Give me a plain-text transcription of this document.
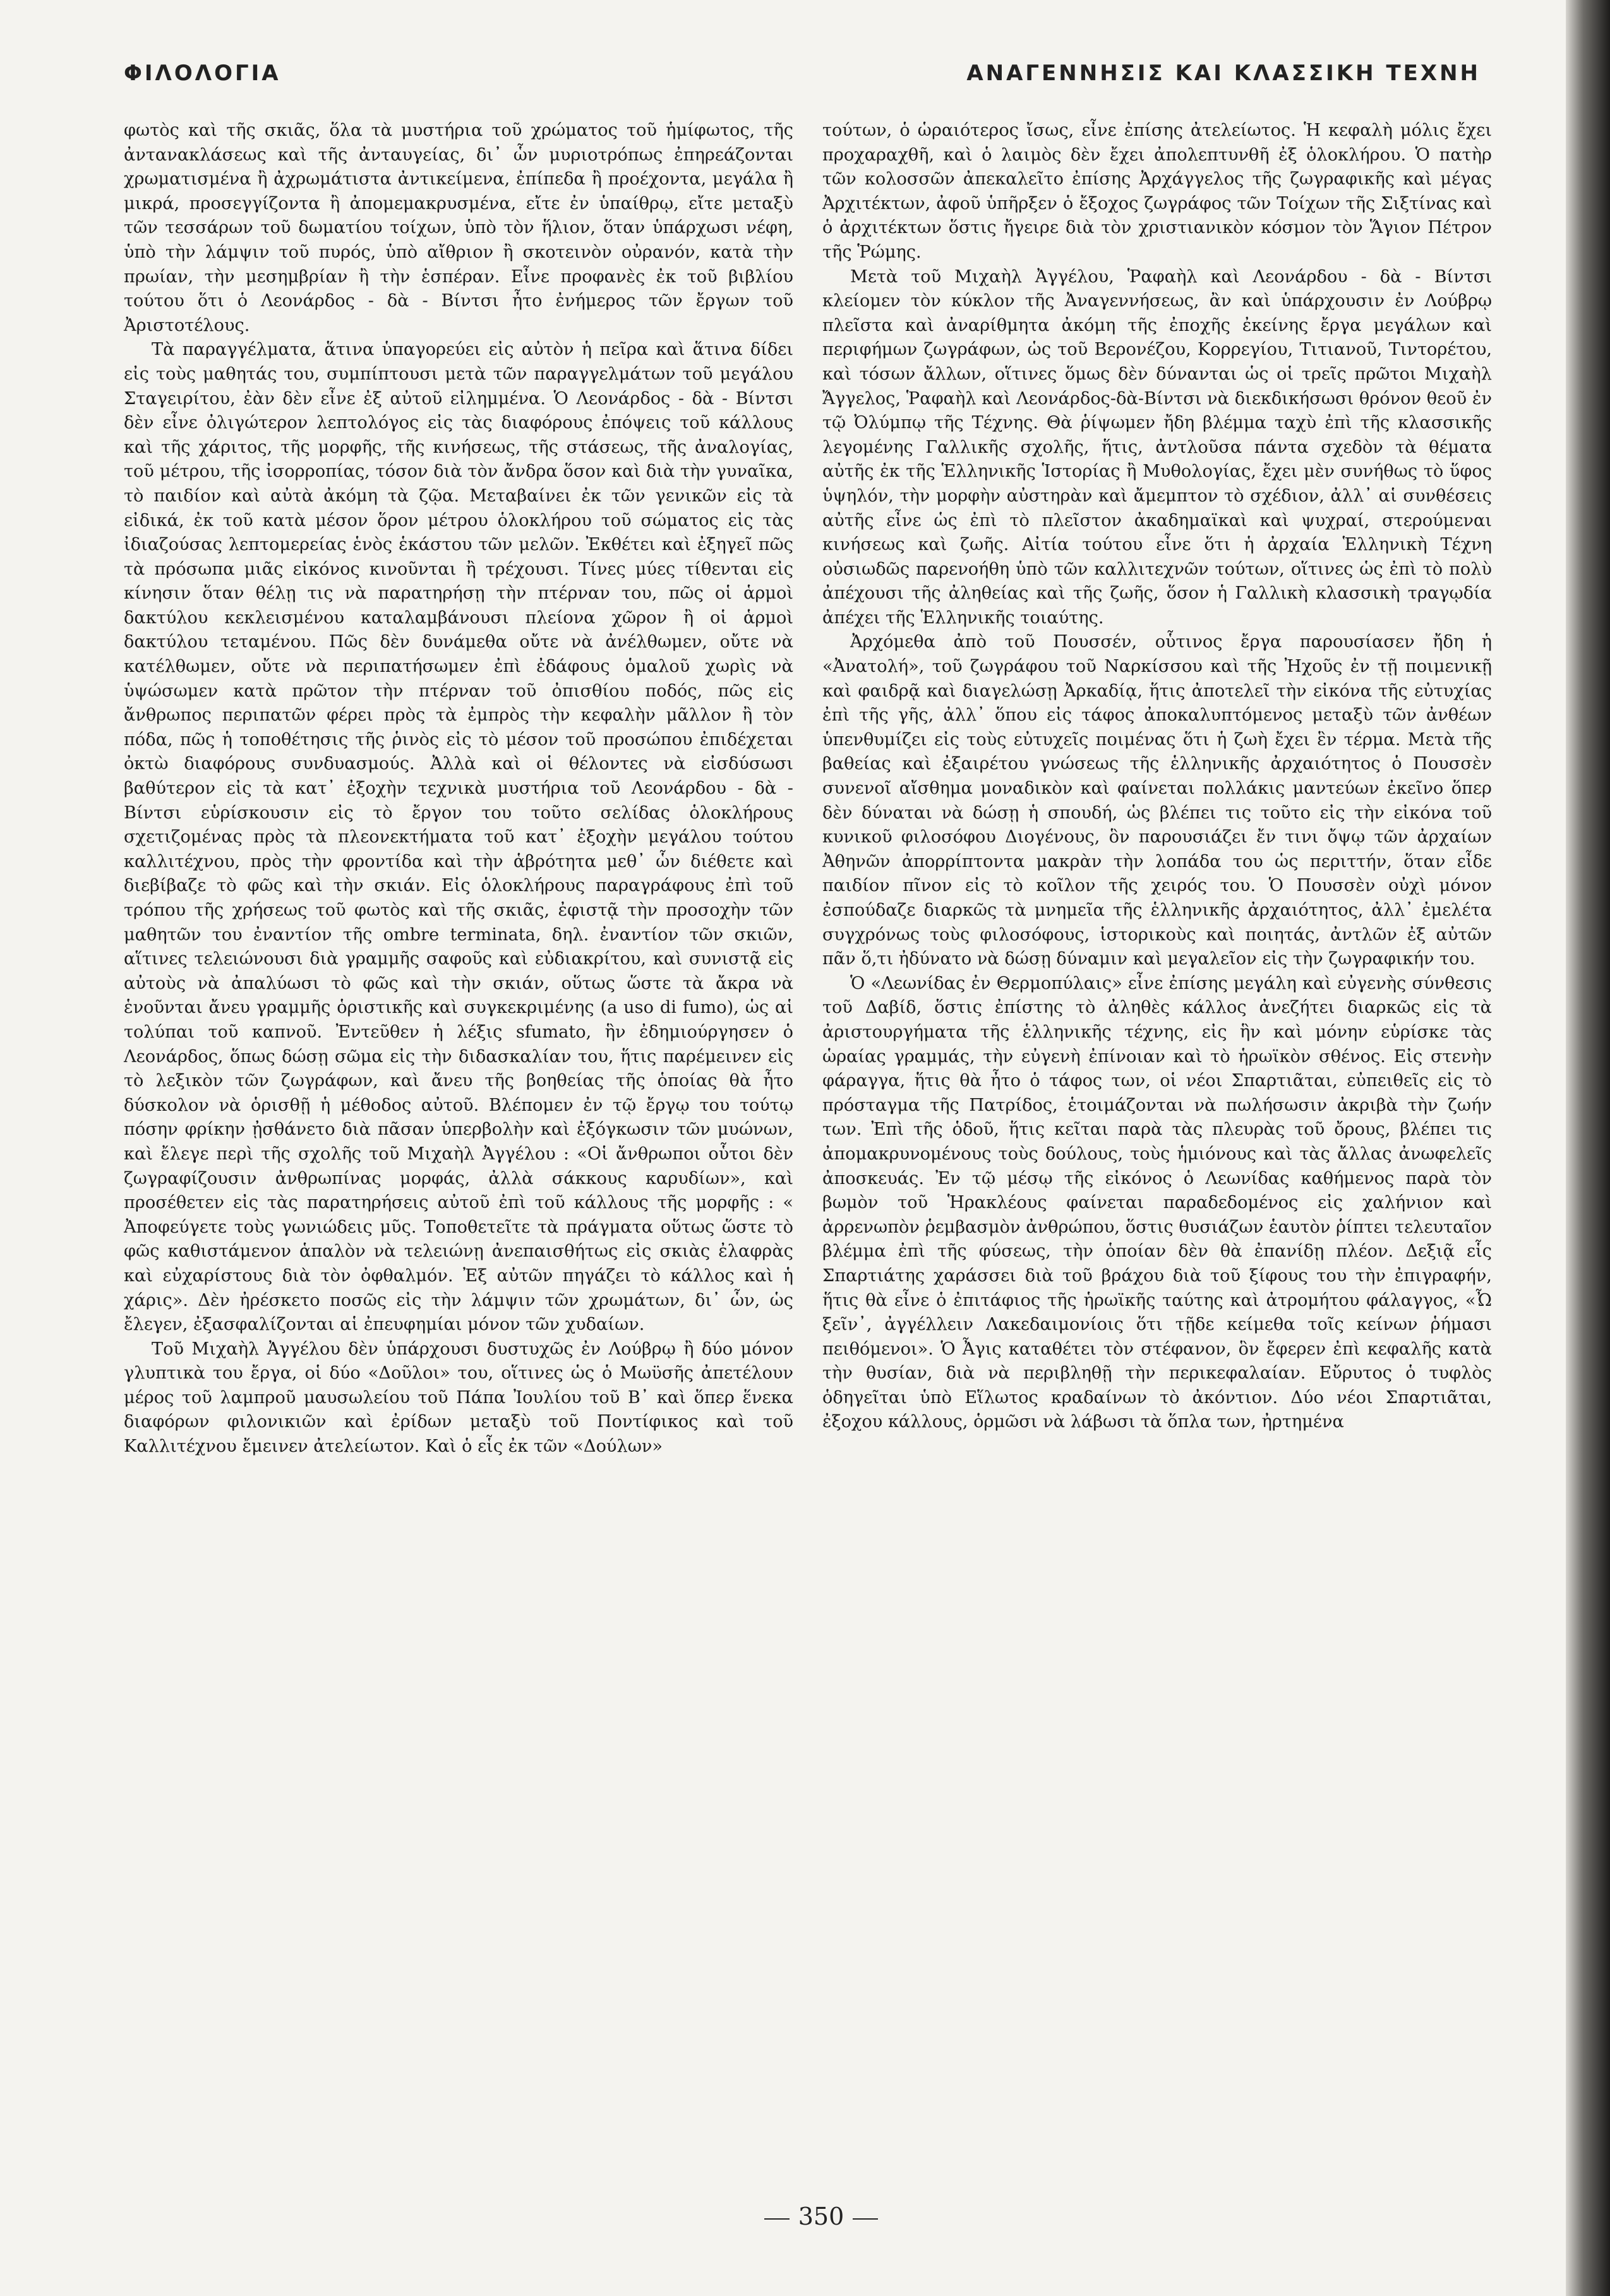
ΦΙΛΟΛΟΓΙΑ	ΑΝΑΓΕΝΝΗΣΙΣ ΚΑΙ ΚΛΑΣΣΙΚΗ ΤΕΧΝΗ

φωτὸς καὶ τῆς σκιᾶς, ὅλα τὰ μυστήρια τοῦ χρώματος τοῦ ἡμίφωτος, τῆς ἀντανακλάσεως καὶ τῆς ἀνταυγείας, δι᾽ ὧν μυριοτρόπως ἐπηρεάζονται χρωματισμένα ἢ ἀχρωμάτιστα ἀντικείμενα, ἐπίπεδα ἢ προέχοντα, μεγάλα ἢ μικρά, προσεγγίζοντα ἢ ἀπομεμακρυσμένα, εἴτε ἐν ὑπαίθρῳ, εἴτε μεταξὺ τῶν τεσσάρων τοῦ δωματίου τοίχων, ὑπὸ τὸν ἥλιον, ὅταν ὑπάρχωσι νέφη, ὑπὸ τὴν λάμψιν τοῦ πυρός, ὑπὸ αἴθριον ἢ σκοτεινὸν οὐρανόν, κατὰ τὴν πρωίαν, τὴν μεσημβρίαν ἢ τὴν ἑσπέραν. Εἶνε προφανὲς ἐκ τοῦ βιβλίου τούτου ὅτι ὁ Λεονάρδος - δὰ - Βίντσι ἦτο ἐνήμερος τῶν ἔργων τοῦ Ἀριστοτέλους.

Τὰ παραγγέλματα, ἅτινα ὑπαγορεύει εἰς αὐτὸν ἡ πεῖρα καὶ ἅτινα δίδει εἰς τοὺς μαθητάς του, συμπίπτουσι μετὰ τῶν παραγγελμάτων τοῦ μεγάλου Σταγειρίτου, ἐὰν δὲν εἶνε ἐξ αὐτοῦ εἰλημμένα. Ὁ Λεονάρδος - δὰ - Βίντσι δὲν εἶνε ὀλιγώτερον λεπτολόγος εἰς τὰς διαφόρους ἐπόψεις τοῦ κάλλους καὶ τῆς χάριτος, τῆς μορφῆς, τῆς κινήσεως, τῆς στάσεως, τῆς ἀναλογίας, τοῦ μέτρου, τῆς ἰσορροπίας, τόσον διὰ τὸν ἄνδρα ὅσον καὶ διὰ τὴν γυναῖκα, τὸ παιδίον καὶ αὐτὰ ἀκόμη τὰ ζῷα. Μεταβαίνει ἐκ τῶν γενικῶν εἰς τὰ εἰδικά, ἐκ τοῦ κατὰ μέσον ὅρον μέτρου ὁλοκλήρου τοῦ σώματος εἰς τὰς ἰδιαζούσας λεπτομερείας ἑνὸς ἑκάστου τῶν μελῶν. Ἐκθέτει καὶ ἐξηγεῖ πῶς τὰ πρόσωπα μιᾶς εἰκόνος κινοῦνται ἢ τρέχουσι. Τίνες μύες τίθενται εἰς κίνησιν ὅταν θέλῃ τις νὰ παρατηρήσῃ τὴν πτέρναν του, πῶς οἱ ἁρμοὶ δακτύλου κεκλεισμένου καταλαμβάνουσι πλείονα χῶρον ἢ οἱ ἁρμοὶ δακτύλου τεταμένου. Πῶς δὲν δυνάμεθα οὔτε νὰ ἀνέλθωμεν, οὔτε νὰ κατέλθωμεν, οὔτε νὰ περιπατήσωμεν ἐπὶ ἐδάφους ὁμαλοῦ χωρὶς νὰ ὑψώσωμεν κατὰ πρῶτον τὴν πτέρναν τοῦ ὀπισθίου ποδός, πῶς εἰς ἄνθρωπος περιπατῶν φέρει πρὸς τὰ ἐμπρὸς τὴν κεφαλὴν μᾶλλον ἢ τὸν πόδα, πῶς ἡ τοποθέτησις τῆς ῥινὸς εἰς τὸ μέσον τοῦ προσώπου ἐπιδέχεται ὀκτὼ διαφόρους συνδυασμούς. Ἀλλὰ καὶ οἱ θέλοντες νὰ εἰσδύσωσι βαθύτερον εἰς τὰ κατ᾽ ἐξοχὴν τεχνικὰ μυστήρια τοῦ Λεονάρδου - δὰ - Βίντσι εὑρίσκουσιν εἰς τὸ ἔργον του τοῦτο σελίδας ὁλοκλήρους σχετιζομένας πρὸς τὰ πλεονεκτήματα τοῦ κατ᾽ ἐξοχὴν μεγάλου τούτου καλλιτέχνου, πρὸς τὴν φροντίδα καὶ τὴν ἁβρότητα μεθ᾽ ὧν διέθετε καὶ διεβίβαζε τὸ φῶς καὶ τὴν σκιάν. Εἰς ὁλοκλήρους παραγράφους ἐπὶ τοῦ τρόπου τῆς χρήσεως τοῦ φωτὸς καὶ τῆς σκιᾶς, ἐφιστᾷ τὴν προσοχὴν τῶν μαθητῶν του ἐναντίον τῆς ombre terminata, δηλ. ἐναντίον τῶν σκιῶν, αἵτινες τελειώνουσι διὰ γραμμῆς σαφοῦς καὶ εὐδιακρίτου, καὶ συνιστᾷ εἰς αὐτοὺς νὰ ἀπαλύωσι τὸ φῶς καὶ τὴν σκιάν, οὕτως ὥστε τὰ ἄκρα νὰ ἑνοῦνται ἄνευ γραμμῆς ὁριστικῆς καὶ συγκεκριμένης (a uso di fumo), ὡς αἱ τολύπαι τοῦ καπνοῦ. Ἐντεῦθεν ἡ λέξις sfumato, ἣν ἐδημιούργησεν ὁ Λεονάρδος, ὅπως δώσῃ σῶμα εἰς τὴν διδασκαλίαν του, ἥτις παρέμεινεν εἰς τὸ λεξικὸν τῶν ζωγράφων, καὶ ἄνευ τῆς βοηθείας τῆς ὁποίας θὰ ἦτο δύσκολον νὰ ὁρισθῇ ἡ μέθοδος αὐτοῦ. Βλέπομεν ἐν τῷ ἔργῳ του τούτῳ πόσην φρίκην ᾐσθάνετο διὰ πᾶσαν ὑπερβολὴν καὶ ἐξόγκωσιν τῶν μυώνων, καὶ ἔλεγε περὶ τῆς σχολῆς τοῦ Μιχαὴλ Ἀγγέλου : «Οἱ ἄνθρωποι οὗτοι δὲν ζωγραφίζουσιν ἀνθρωπίνας μορφάς, ἀλλὰ σάκκους καρυδίων», καὶ προσέθετεν εἰς τὰς παρατηρήσεις αὐτοῦ ἐπὶ τοῦ κάλλους τῆς μορφῆς : « Ἀποφεύγετε τοὺς γωνιώδεις μῦς. Τοποθετεῖτε τὰ πράγματα οὕτως ὥστε τὸ φῶς καθιστάμενον ἁπαλὸν νὰ τελειώνῃ ἀνεπαισθήτως εἰς σκιὰς ἐλαφρὰς καὶ εὐχαρίστους διὰ τὸν ὀφθαλμόν. Ἐξ αὐτῶν πηγάζει τὸ κάλλος καὶ ἡ χάρις». Δὲν ἠρέσκετο ποσῶς εἰς τὴν λάμψιν τῶν χρωμάτων, δι᾽ ὧν, ὡς ἔλεγεν, ἐξασφαλίζονται αἱ ἐπευφημίαι μόνον τῶν χυδαίων.

Τοῦ Μιχαὴλ Ἀγγέλου δὲν ὑπάρχουσι δυστυχῶς ἐν Λούβρῳ ἢ δύο μόνον γλυπτικὰ του ἔργα, οἱ δύο «Δοῦλοι» του, οἵτινες ὡς ὁ Μωϋσῆς ἀπετέλουν μέρος τοῦ λαμπροῦ μαυσωλείου τοῦ Πάπα Ἰουλίου τοῦ Β᾽ καὶ ὅπερ ἕνεκα διαφόρων φιλονικιῶν καὶ ἐρίδων μεταξὺ τοῦ Ποντίφικος καὶ τοῦ Καλλιτέχνου ἔμεινεν ἀτελείωτον. Καὶ ὁ εἷς ἐκ τῶν «Δούλων»

τούτων, ὁ ὡραιότερος ἴσως, εἶνε ἐπίσης ἀτελείωτος. Ἡ κεφαλὴ μόλις ἔχει προχαραχθῆ, καὶ ὁ λαιμὸς δὲν ἔχει ἀπολεπτυνθῆ ἐξ ὁλοκλήρου. Ὁ πατὴρ τῶν κολοσσῶν ἀπεκαλεῖτο ἐπίσης Ἀρχάγγελος τῆς ζωγραφικῆς καὶ μέγας Ἀρχιτέκτων, ἀφοῦ ὑπῆρξεν ὁ ἔξοχος ζωγράφος τῶν Τοίχων τῆς Σιξτίνας καὶ ὁ ἀρχιτέκτων ὅστις ἤγειρε διὰ τὸν χριστιανικὸν κόσμον τὸν Ἅγιον Πέτρον τῆς Ῥώμης.

Μετὰ τοῦ Μιχαὴλ Ἀγγέλου, Ῥαφαὴλ καὶ Λεονάρδου - δὰ - Βίντσι κλείομεν τὸν κύκλον τῆς Ἀναγεννήσεως, ἂν καὶ ὑπάρχουσιν ἐν Λούβρῳ πλεῖστα καὶ ἀναρίθμητα ἀκόμη τῆς ἐποχῆς ἐκείνης ἔργα μεγάλων καὶ περιφήμων ζωγράφων, ὡς τοῦ Βερονέζου, Κορρεγίου, Τιτιανοῦ, Τιντορέτου, καὶ τόσων ἄλλων, οἵτινες ὅμως δὲν δύνανται ὡς οἱ τρεῖς πρῶτοι Μιχαὴλ Ἄγγελος, Ῥαφαὴλ καὶ Λεονάρδος-δὰ-Βίντσι νὰ διεκδικήσωσι θρόνον θεοῦ ἐν τῷ Ὀλύμπῳ τῆς Τέχνης. Θὰ ῥίψωμεν ἤδη βλέμμα ταχὺ ἐπὶ τῆς κλασσικῆς λεγομένης Γαλλικῆς σχολῆς, ἥτις, ἀντλοῦσα πάντα σχεδὸν τὰ θέματα αὐτῆς ἐκ τῆς Ἑλληνικῆς Ἱστορίας ἢ Μυθολογίας, ἔχει μὲν συνήθως τὸ ὕφος ὑψηλόν, τὴν μορφὴν αὐστηρὰν καὶ ἄμεμπτον τὸ σχέδιον, ἀλλ᾽ αἱ συνθέσεις αὐτῆς εἶνε ὡς ἐπὶ τὸ πλεῖστον ἀκαδημαϊκαὶ καὶ ψυχραί, στερούμεναι κινήσεως καὶ ζωῆς. Αἰτία τούτου εἶνε ὅτι ἡ ἀρχαία Ἑλληνικὴ Τέχνη οὐσιωδῶς παρενοήθη ὑπὸ τῶν καλλιτεχνῶν τούτων, οἵτινες ὡς ἐπὶ τὸ πολὺ ἀπέχουσι τῆς ἀληθείας καὶ τῆς ζωῆς, ὅσον ἡ Γαλλικὴ κλασσικὴ τραγῳδία ἀπέχει τῆς Ἑλληνικῆς τοιαύτης.

Ἀρχόμεθα ἀπὸ τοῦ Πουσσέν, οὗτινος ἔργα παρουσίασεν ἤδη ἡ «Ἀνατολή», τοῦ ζωγράφου τοῦ Ναρκίσσου καὶ τῆς Ἠχοῦς ἐν τῇ ποιμενικῇ καὶ φαιδρᾷ καὶ διαγελώσῃ Ἀρκαδίᾳ, ἥτις ἀποτελεῖ τὴν εἰκόνα τῆς εὐτυχίας ἐπὶ τῆς γῆς, ἀλλ᾽ ὅπου εἰς τάφος ἀποκαλυπτόμενος μεταξὺ τῶν ἀνθέων ὑπενθυμίζει εἰς τοὺς εὐτυχεῖς ποιμένας ὅτι ἡ ζωὴ ἔχει ἓν τέρμα. Μετὰ τῆς βαθείας καὶ ἐξαιρέτου γνώσεως τῆς ἑλληνικῆς ἀρχαιότητος ὁ Πουσσὲν συνενοῖ αἴσθημα μοναδικὸν καὶ φαίνεται πολλάκις μαντεύων ἐκεῖνο ὅπερ δὲν δύναται νὰ δώσῃ ἡ σπουδή, ὡς βλέπει τις τοῦτο εἰς τὴν εἰκόνα τοῦ κυνικοῦ φιλοσόφου Διογένους, ὃν παρουσιάζει ἔν τινι ὄψῳ τῶν ἀρχαίων Ἀθηνῶν ἀπορρίπτοντα μακρὰν τὴν λοπάδα του ὡς περιττήν, ὅταν εἶδε παιδίον πῖνον εἰς τὸ κοῖλον τῆς χειρός του. Ὁ Πουσσὲν οὐχὶ μόνον ἐσπούδαζε διαρκῶς τὰ μνημεῖα τῆς ἑλληνικῆς ἀρχαιότητος, ἀλλ᾽ ἐμελέτα συγχρόνως τοὺς φιλοσόφους, ἱστορικοὺς καὶ ποιητάς, ἀντλῶν ἐξ αὐτῶν πᾶν ὅ,τι ἠδύνατο νὰ δώσῃ δύναμιν καὶ μεγαλεῖον εἰς τὴν ζωγραφικήν του.

Ὁ «Λεωνίδας ἐν Θερμοπύλαις» εἶνε ἐπίσης μεγάλη καὶ εὐγενὴς σύνθεσις τοῦ Δαβίδ, ὅστις ἐπίστης τὸ ἀληθὲς κάλλος ἀνεζήτει διαρκῶς εἰς τὰ ἀριστουργήματα τῆς ἑλληνικῆς τέχνης, εἰς ἣν καὶ μόνην εὑρίσκε τὰς ὡραίας γραμμάς, τὴν εὐγενὴ ἐπίνοιαν καὶ τὸ ἡρωϊκὸν σθένος. Εἰς στενὴν φάραγγα, ἥτις θὰ ἦτο ὁ τάφος των, οἱ νέοι Σπαρτιᾶται, εὐπειθεῖς εἰς τὸ πρόσταγμα τῆς Πατρίδος, ἑτοιμάζονται νὰ πωλήσωσιν ἀκριβὰ τὴν ζωήν των. Ἐπὶ τῆς ὁδοῦ, ἥτις κεῖται παρὰ τὰς πλευρὰς τοῦ ὄρους, βλέπει τις ἀπομακρυνομένους τοὺς δούλους, τοὺς ἡμιόνους καὶ τὰς ἄλλας ἀνωφελεῖς ἀποσκευάς. Ἐν τῷ μέσῳ τῆς εἰκόνος ὁ Λεωνίδας καθήμενος παρὰ τὸν βωμὸν τοῦ Ἡρακλέους φαίνεται παραδεδομένος εἰς χαλήνιον καὶ ἀρρενωπὸν ῥεμβασμὸν ἀνθρώπου, ὅστις θυσιάζων ἑαυτὸν ῥίπτει τελευταῖον βλέμμα ἐπὶ τῆς φύσεως, τὴν ὁποίαν δὲν θὰ ἐπανίδῃ πλέον. Δεξιᾷ εἷς Σπαρτιάτης χαράσσει διὰ τοῦ βράχου διὰ τοῦ ξίφους του τὴν ἐπιγραφήν, ἥτις θὰ εἶνε ὁ ἐπιτάφιος τῆς ἡρωϊκῆς ταύτης καὶ ἀτρομήτου φάλαγγος, «Ὦ ξεῖν᾽, ἀγγέλλειν Λακεδαιμονίοις ὅτι τῇδε κείμεθα τοῖς κείνων ῥήμασι πειθόμενοι». Ὁ Ἆγις καταθέτει τὸν στέφανον, ὃν ἔφερεν ἐπὶ κεφαλῆς κατὰ τὴν θυσίαν, διὰ νὰ περιβληθῇ τὴν περικεφαλαίαν. Εὔρυτος ὁ τυφλὸς ὁδηγεῖται ὑπὸ Εἵλωτος κραδαίνων τὸ ἀκόντιον. Δύο νέοι Σπαρτιᾶται, ἐξοχου κάλλους, ὁρμῶσι νὰ λάβωσι τὰ ὅπλα των, ἠρτημένα

350
